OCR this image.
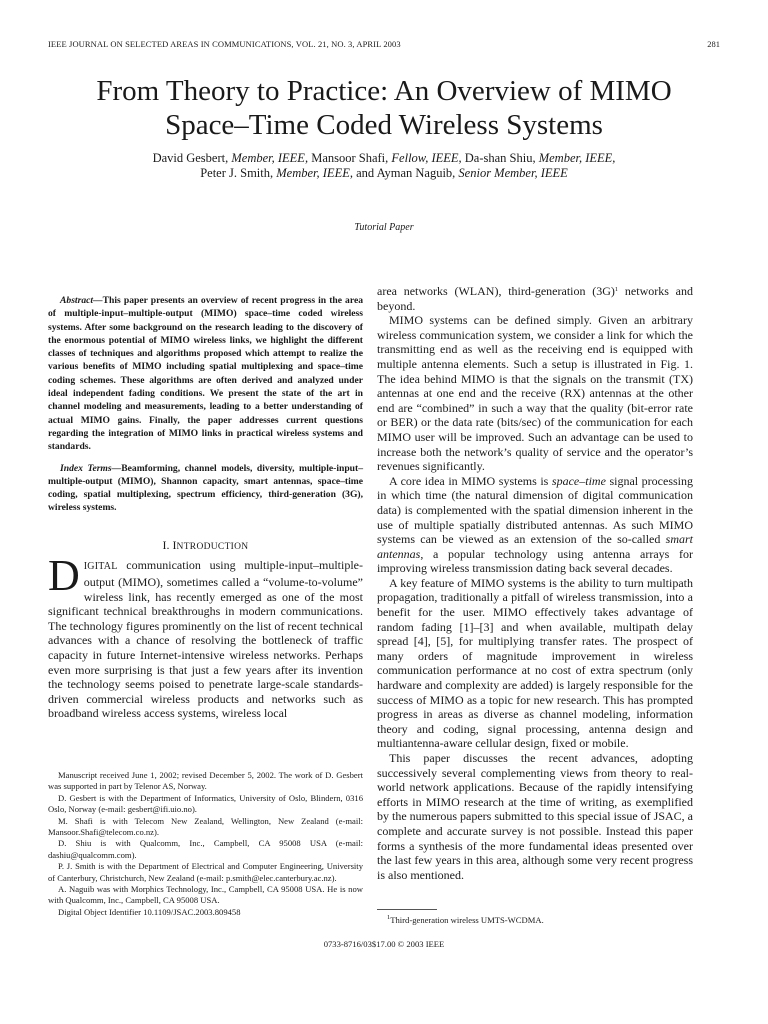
IEEE JOURNAL ON SELECTED AREAS IN COMMUNICATIONS, VOL. 21, NO. 3, APRIL 2003	281
From Theory to Practice: An Overview of MIMO
Space–Time Coded Wireless Systems
David Gesbert, Member, IEEE, Mansoor Shafi, Fellow, IEEE, Da-shan Shiu, Member, IEEE,
Peter J. Smith, Member, IEEE, and Ayman Naguib, Senior Member, IEEE
Tutorial Paper

Abstract—This paper presents an overview of recent progress in the area of multiple-input–multiple-output (MIMO) space–time coded wireless systems. After some background on the research leading to the discovery of the enormous potential of MIMO wireless links, we highlight the different classes of techniques and algorithms proposed which attempt to realize the various benefits of MIMO including spatial multiplexing and space–time coding schemes. These algorithms are often derived and analyzed under ideal independent fading conditions. We present the state of the art in channel modeling and measurements, leading to a better understanding of actual MIMO gains. Finally, the paper addresses current questions regarding the integration of MIMO links in practical wireless systems and standards.

Index Terms—Beamforming, channel models, diversity, multiple-input–multiple-output (MIMO), Shannon capacity, smart antennas, space–time coding, spatial multiplexing, spectrum efficiency, third-generation (3G), wireless systems.

I. INTRODUCTION

DIGITAL communication using multiple-input–multiple-output (MIMO), sometimes called a “volume-to-volume” wireless link, has recently emerged as one of the most significant technical breakthroughs in modern communications. The technology figures prominently on the list of recent technical advances with a chance of resolving the bottleneck of traffic capacity in future Internet-intensive wireless networks. Perhaps even more surprising is that just a few years after its invention the technology seems poised to penetrate large-scale standards-driven commercial wireless products and networks such as broadband wireless access systems, wireless local

Manuscript received June 1, 2002; revised December 5, 2002. The work of D. Gesbert was supported in part by Telenor AS, Norway.

D. Gesbert is with the Department of Informatics, University of Oslo, Blindern, 0316 Oslo, Norway (e-mail: gesbert@ifi.uio.no).

M. Shafi is with Telecom New Zealand, Wellington, New Zealand (e-mail: Mansoor.Shafi@telecom.co.nz).

D. Shiu is with Qualcomm, Inc., Campbell, CA 95008 USA (e-mail: dashiu@qualcomm.com).

P. J. Smith is with the Department of Electrical and Computer Engineering, University of Canterbury, Christchurch, New Zealand (e-mail: p.smith@elec.canterbury.ac.nz).

A. Naguib was with Morphics Technology, Inc., Campbell, CA 95008 USA. He is now with Qualcomm, Inc., Campbell, CA 95008 USA.

Digital Object Identifier 10.1109/JSAC.2003.809458

area networks (WLAN), third-generation $(3G)^1$ networks and beyond.

MIMO systems can be defined simply. Given an arbitrary wireless communication system, we consider a link for which the transmitting end as well as the receiving end is equipped with multiple antenna elements. Such a setup is illustrated in Fig. 1. The idea behind MIMO is that the signals on the transmit (TX) antennas at one end and the receive (RX) antennas at the other end are “combined” in such a way that the quality (bit-error rate or BER) or the data rate (bits/sec) of the communication for each MIMO user will be improved. Such an advantage can be used to increase both the network’s quality of service and the operator’s revenues significantly.

A core idea in MIMO systems is space–time signal processing in which time (the natural dimension of digital communication data) is complemented with the spatial dimension inherent in the use of multiple spatially distributed antennas. As such MIMO systems can be viewed as an extension of the so-called smart antennas, a popular technology using antenna arrays for improving wireless transmission dating back several decades.

A key feature of MIMO systems is the ability to turn multipath propagation, traditionally a pitfall of wireless transmission, into a benefit for the user. MIMO effectively takes advantage of random fading [1]–[3] and when available, multipath delay spread [4], [5], for multiplying transfer rates. The prospect of many orders of magnitude improvement in wireless communication performance at no cost of extra spectrum (only hardware and complexity are added) is largely responsible for the success of MIMO as a topic for new research. This has prompted progress in areas as diverse as channel modeling, information theory and coding, signal processing, antenna design and multiantenna-aware cellular design, fixed or mobile.

This paper discusses the recent advances, adopting successively several complementing views from theory to real-world network applications. Because of the rapidly intensifying efforts in MIMO research at the time of writing, as exemplified by the numerous papers submitted to this special issue of JSAC, a complete and accurate survey is not possible. Instead this paper forms a synthesis of the more fundamental ideas presented over the last few years in this area, although some very recent progress is also mentioned.

$^1$Third-generation wireless UMTS-WCDMA.

0733-8716/03$17.00 © 2003 IEEE
